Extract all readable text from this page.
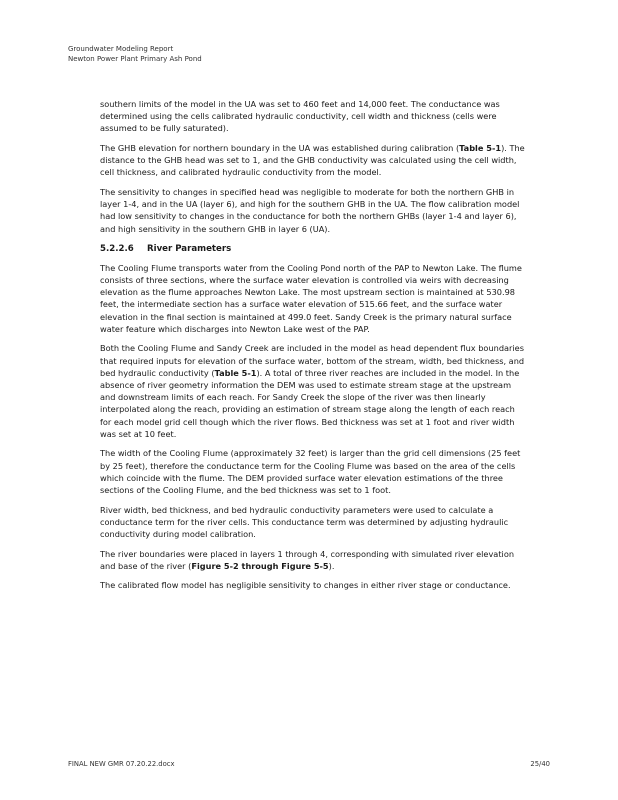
Groundwater Modeling Report
Newton Power Plant Primary Ash Pond

southern limits of the model in the UA was set to 460 feet and 14,000 feet. The conductance was determined using the cells calibrated hydraulic conductivity, cell width and thickness (cells were assumed to be fully saturated).

The GHB elevation for northern boundary in the UA was established during calibration (Table 5-1). The distance to the GHB head was set to 1, and the GHB conductivity was calculated using the cell width, cell thickness, and calibrated hydraulic conductivity from the model.

The sensitivity to changes in specified head was negligible to moderate for both the northern GHB in layer 1-4, and in the UA (layer 6), and high for the southern GHB in the UA. The flow calibration model had low sensitivity to changes in the conductance for both the northern GHBs (layer 1-4 and layer 6), and high sensitivity in the southern GHB in layer 6 (UA).

5.2.2.6 River Parameters

The Cooling Flume transports water from the Cooling Pond north of the PAP to Newton Lake. The flume consists of three sections, where the surface water elevation is controlled via weirs with decreasing elevation as the flume approaches Newton Lake. The most upstream section is maintained at 530.98 feet, the intermediate section has a surface water elevation of 515.66 feet, and the surface water elevation in the final section is maintained at 499.0 feet. Sandy Creek is the primary natural surface water feature which discharges into Newton Lake west of the PAP.

Both the Cooling Flume and Sandy Creek are included in the model as head dependent flux boundaries that required inputs for elevation of the surface water, bottom of the stream, width, bed thickness, and bed hydraulic conductivity (Table 5-1). A total of three river reaches are included in the model. In the absence of river geometry information the DEM was used to estimate stream stage at the upstream and downstream limits of each reach. For Sandy Creek the slope of the river was then linearly interpolated along the reach, providing an estimation of stream stage along the length of each reach for each model grid cell though which the river flows. Bed thickness was set at 1 foot and river width was set at 10 feet.

The width of the Cooling Flume (approximately 32 feet) is larger than the grid cell dimensions (25 feet by 25 feet), therefore the conductance term for the Cooling Flume was based on the area of the cells which coincide with the flume. The DEM provided surface water elevation estimations of the three sections of the Cooling Flume, and the bed thickness was set to 1 foot.

River width, bed thickness, and bed hydraulic conductivity parameters were used to calculate a conductance term for the river cells. This conductance term was determined by adjusting hydraulic conductivity during model calibration.

The river boundaries were placed in layers 1 through 4, corresponding with simulated river elevation and base of the river (Figure 5-2 through Figure 5-5).

The calibrated flow model has negligible sensitivity to changes in either river stage or conductance.

FINAL NEW GMR 07.20.22.docx	25/40
